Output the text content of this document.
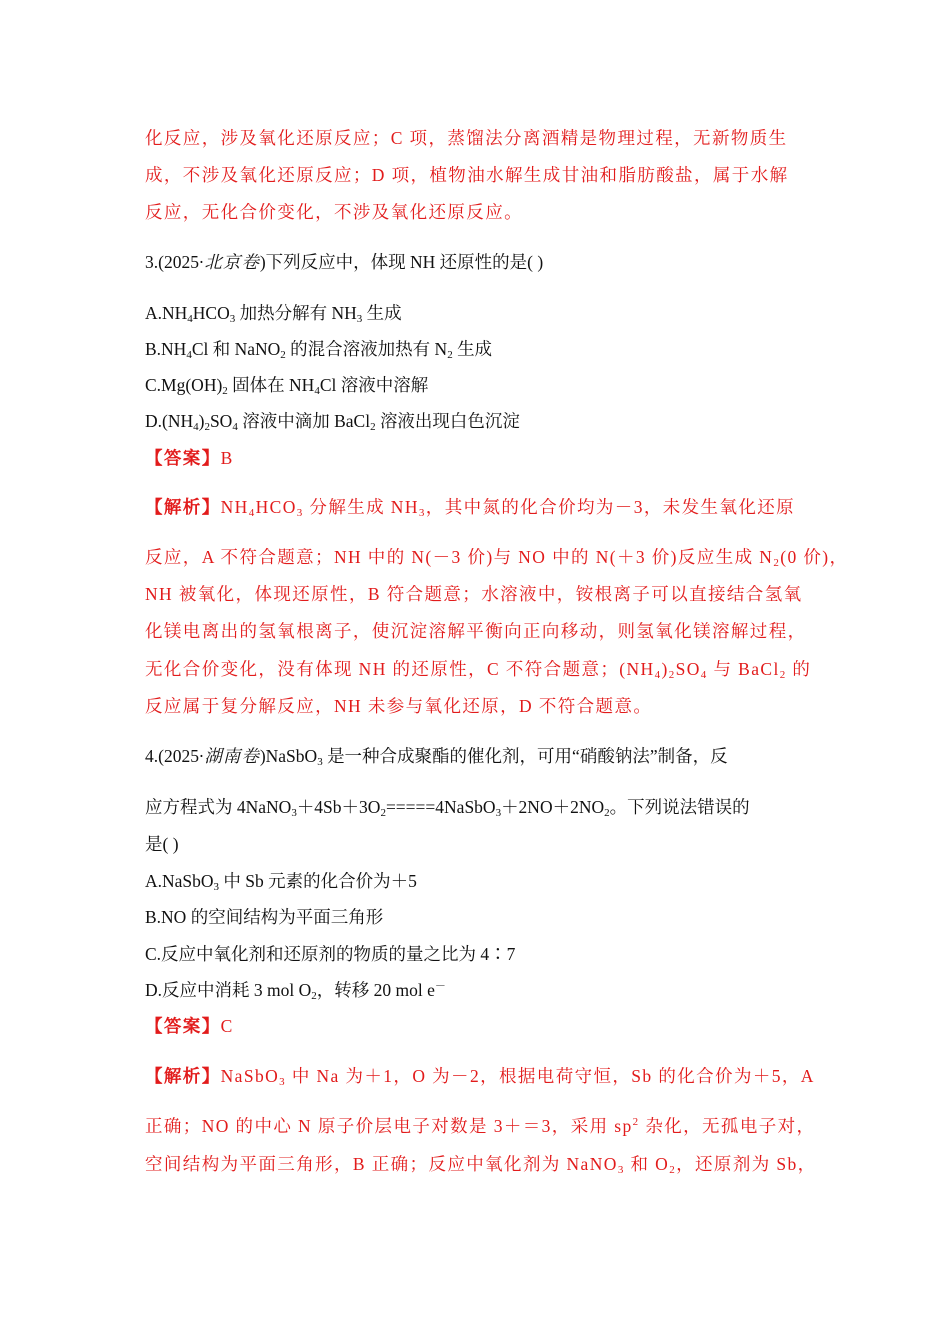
化反应，涉及氧化还原反应；C 项，蒸馏法分离酒精是物理过程，无新物质生
成，不涉及氧化还原反应；D 项，植物油水解生成甘油和脂肪酸盐，属于水解
反应，无化合价变化，不涉及氧化还原反应。
3.(2025·北京卷)下列反应中，体现 NH 还原性的是( )
$A.NH_4HCO_3$ 加热分解有 $NH_3$ 生成
$B.NH_4Cl$ 和 NaNO$_2$ 的混合溶液加热有 $N_2$ 生成
$C.Mg(OH)_2$ 固体在 $NH_4Cl$ 溶液中溶解
$D.(NH_4)_2SO_4$ 溶液中滴加 BaCl$_2$ 溶液出现白色沉淀
【答案】B
【解析】$NH_4HCO_3$ 分解生成 $NH_3$，其中氮的化合价均为－3，未发生氧化还原
反应，A 不符合题意；NH 中的 N(－3 价)与 NO 中的 N(＋3 价)反应生成 $N_2(0$ 价)，
NH 被氧化，体现还原性，B 符合题意；水溶液中，铵根离子可以直接结合氢氧
化镁电离出的氢氧根离子，使沉淀溶解平衡向正向移动，则氢氧化镁溶解过程，
无化合价变化，没有体现 NH 的还原性，C 不符合题意；$(NH_4)_2SO_4$ 与 BaCl$_2$ 的
反应属于复分解反应，NH 未参与氧化还原，D 不符合题意。
4.(2025·湖南卷)NaSbO$_3$ 是一种合成聚酯的催化剂，可用“硝酸钠法”制备，反
应方程式为 $4NaNO_3+4Sb+3O_2=====4NaSbO_3+2NO+2NO_2$。下列说法错误的
是( )
A.NaSbO$_3$ 中 Sb 元素的化合价为＋5
B.NO 的空间结构为平面三角形
C.反应中氧化剂和还原剂的物质的量之比为 4∶7
D.反应中消耗 3 mol $O_2$，转移 20 mol e－
【答案】C
【解析】NaSbO$_3$ 中 Na 为＋1，O 为－2，根据电荷守恒，Sb 的化合价为＋5，A
正确；NO 的中心 N 原子价层电子对数是 3＋＝3，采用 $sp^2$ 杂化，无孤电子对，
空间结构为平面三角形，B 正确；反应中氧化剂为 NaNO$_3$ 和 $O_2$，还原剂为 Sb，
